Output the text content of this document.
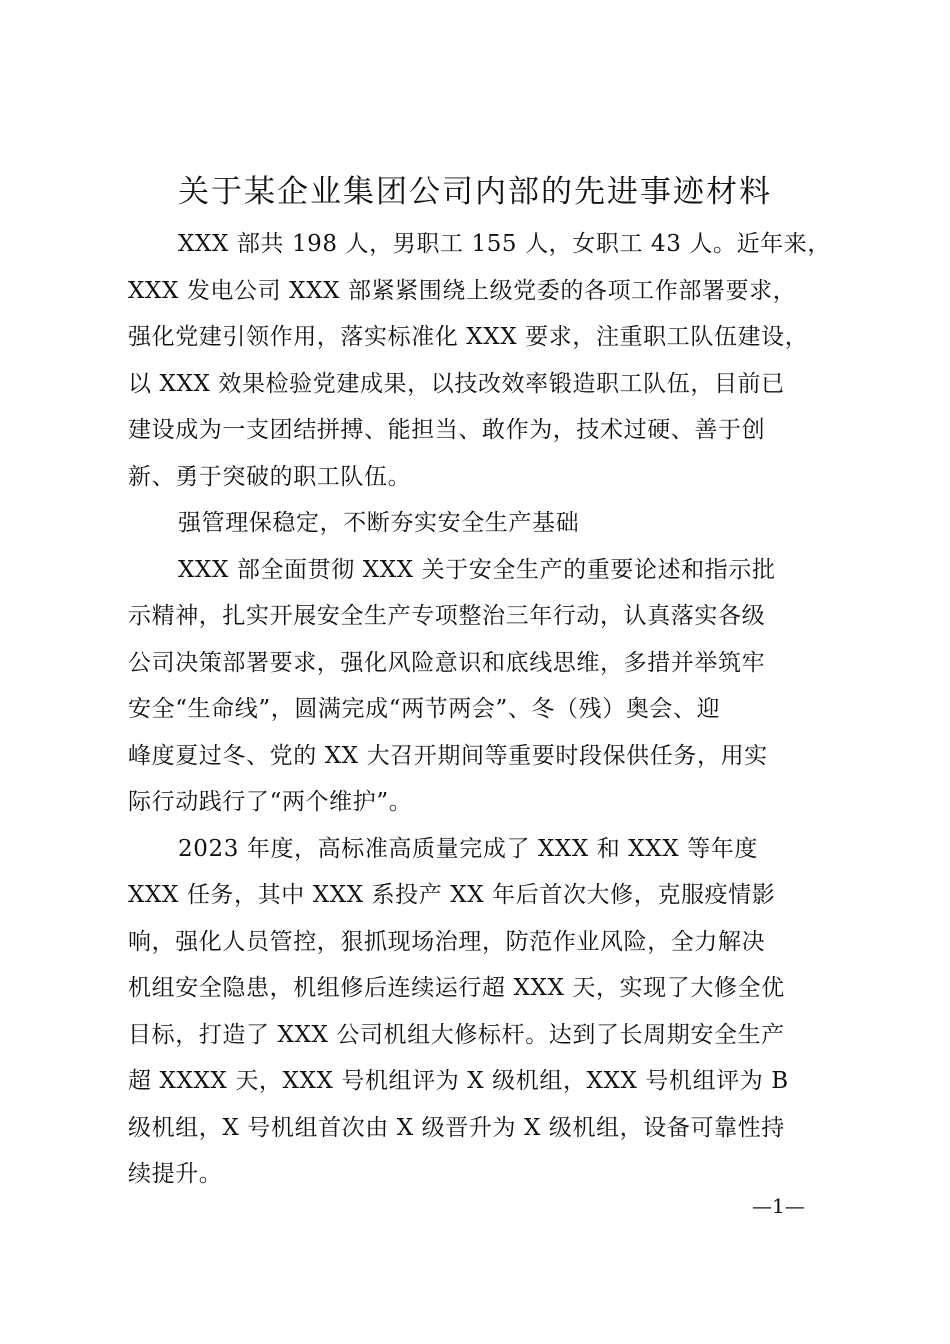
关于某企业集团公司内部的先进事迹材料
XXX 部共 198 人，男职工 155 人，女职工 43 人。近年来，
XXX 发电公司 XXX 部紧紧围绕上级党委的各项工作部署要求，
强化党建引领作用，落实标准化 XXX 要求，注重职工队伍建设，
以 XXX 效果检验党建成果，以技改效率锻造职工队伍，目前已
建设成为一支团结拼搏、能担当、敢作为，技术过硬、善于创
新、勇于突破的职工队伍。
强管理保稳定，不断夯实安全生产基础
XXX 部全面贯彻 XXX 关于安全生产的重要论述和指示批
示精神，扎实开展安全生产专项整治三年行动，认真落实各级
公司决策部署要求，强化风险意识和底线思维，多措并举筑牢
安全“生命线”，圆满完成“两节两会”、冬（残）奥会、迎
峰度夏过冬、党的 XX 大召开期间等重要时段保供任务，用实
际行动践行了“两个维护”。
2023 年度，高标准高质量完成了 XXX 和 XXX 等年度
XXX 任务，其中 XXX 系投产 XX 年后首次大修，克服疫情影
响，强化人员管控，狠抓现场治理，防范作业风险，全力解决
机组安全隐患，机组修后连续运行超 XXX 天，实现了大修全优
目标，打造了 XXX 公司机组大修标杆。达到了长周期安全生产
超 XXXX 天，XXX 号机组评为 X 级机组，XXX 号机组评为 B
级机组，X 号机组首次由 X 级晋升为 X 级机组，设备可靠性持
续提升。
—1—
